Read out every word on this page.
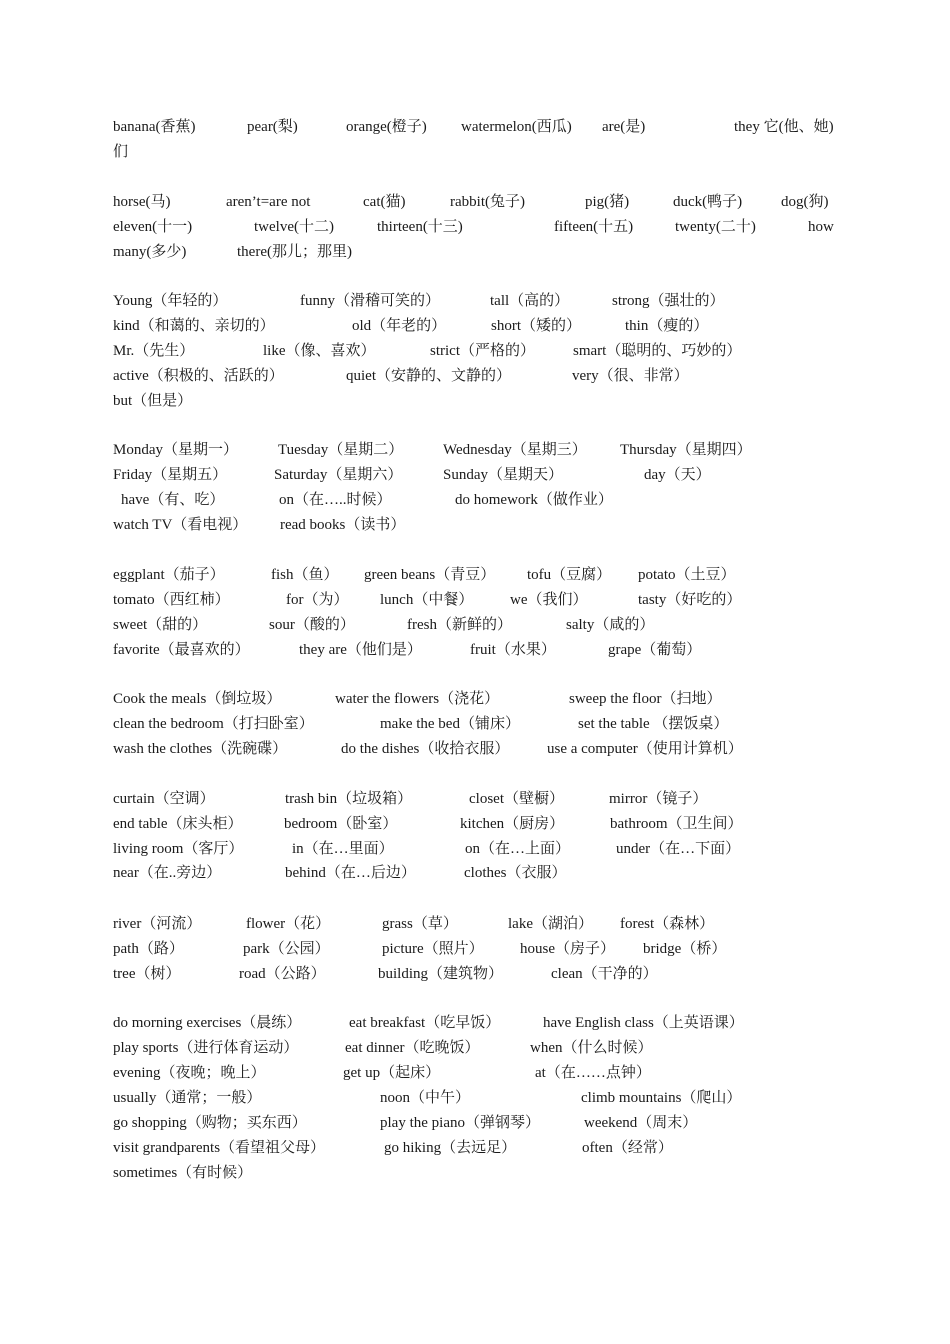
banana(香蕉)	pear(梨)	orange(橙子) watermelon(西瓜) are(是)	they 它(他、她)
们
horse(马)	aren’t=are not	cat(猫)	rabbit(兔子)	pig(猪)	duck(鸭子)	dog(狗)
eleven(十一)	twelve(十二)	thirteen(十三)	fifteen(十五)	twenty(二十)	how
many(多少)	there(那儿；那里)
Young（年轻的）	funny（滑稽可笑的）	tall（高的）	strong（强壮的）
kind（和蔼的、亲切的）	old（年老的）	short（矮的）	thin（瘦的）
Mr.（先生）	like（像、喜欢）	strict（严格的）	smart（聪明的、巧妙的）
active（积极的、活跃的）	quiet（安静的、文静的）	very（很、非常）
but（但是）
Monday（星期一）	Tuesday（星期二）	Wednesday（星期三） Thursday（星期四）
Friday（星期五）	Saturday（星期六）	Sunday（星期天）	day（天）
have（有、吃）	on（在…..时候）	do homework（做作业）
watch TV（看电视） read books（读书）
eggplant（茄子）	fish（鱼） green beans（青豆） tofu（豆腐） potato（土豆）
tomato（西红柿）	for（为） lunch（中餐） we（我们）	tasty（好吃的）
sweet（甜的）	sour（酸的）	fresh（新鲜的）	salty（咸的）
favorite（最喜欢的）	they are（他们是）	fruit（水果）	grape（葡萄）
Cook the meals（倒垃圾）	water the flowers（浇花）	sweep the floor（扫地）
clean the bedroom（打扫卧室）	make the bed（铺床）	set the table （摆饭桌）
wash the clothes（洗碗碟）	do the dishes（收拾衣服）	use a computer（使用计算机）
curtain（空调）	trash bin（垃圾箱）	closet（壁橱）	mirror（镜子）
end table（床头柜）	bedroom（卧室）	kitchen（厨房）	bathroom（卫生间）
living room（客厅）	in（在…里面）	on（在…上面）	under（在…下面）
near（在..旁边）	behind（在…后边）	clothes（衣服）
river（河流）	flower（花）	grass（草）	lake（湖泊） forest（森林）
path（路）	park（公园）	picture（照片） house（房子） bridge（桥）
tree（树）	road（公路）	building（建筑物）	clean（干净的）
do morning exercises（晨练）	eat breakfast（吃早饭）	have English class（上英语课）
play sports（进行体育运动）	eat dinner（吃晚饭）	when（什么时候）
evening（夜晚；晚上）	get up（起床）	at（在……点钟）
usually（通常；一般）	noon（中午）	climb mountains（爬山）
go shopping（购物；买东西）	play the piano（弹钢琴）	weekend（周末）
visit grandparents（看望祖父母）	go hiking（去远足）	often（经常）
sometimes（有时候）
